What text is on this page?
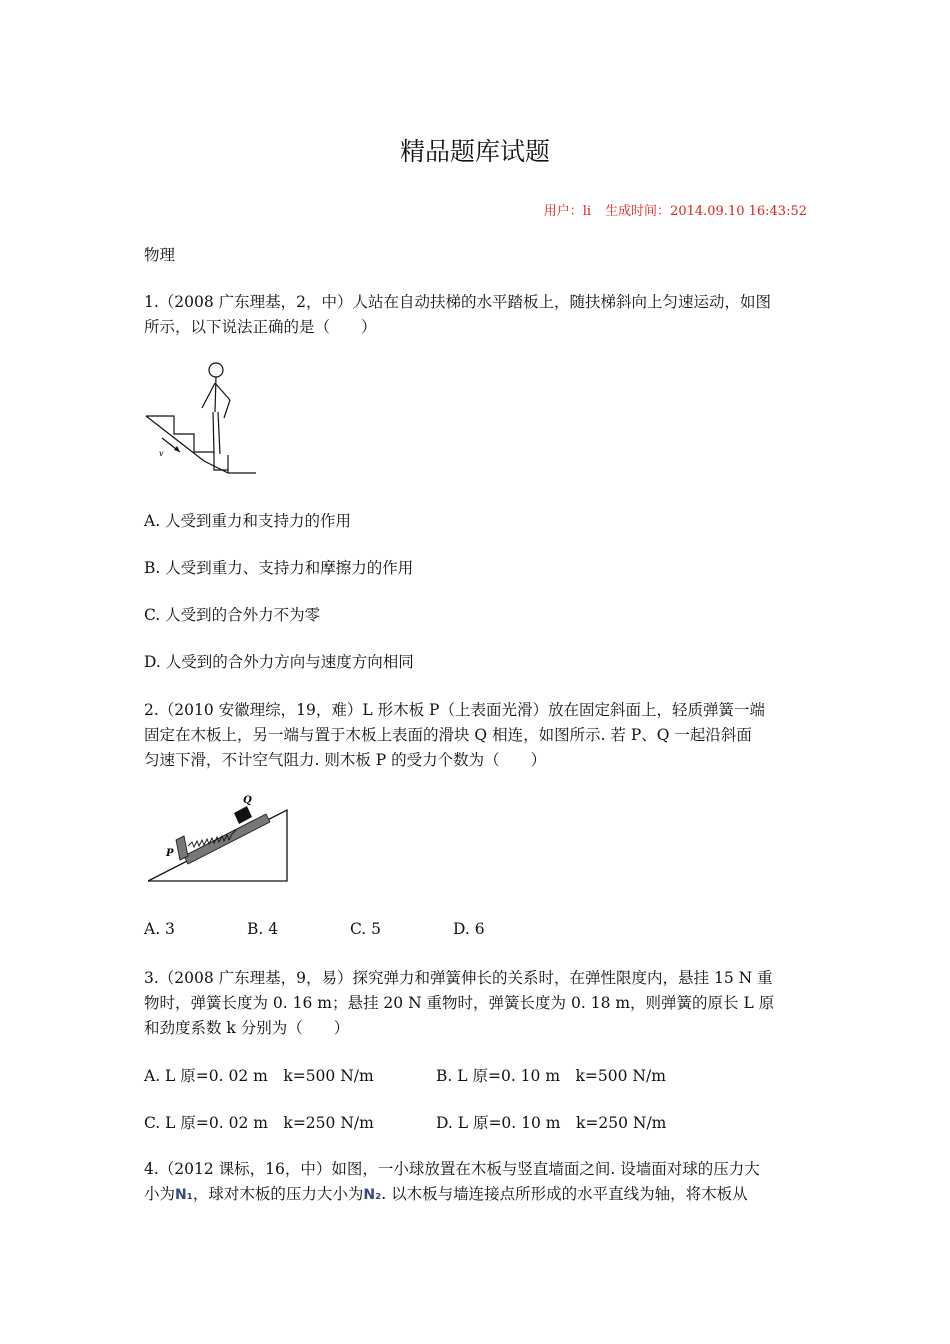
精品题库试题
用户：li 生成时间：2014.09.10 16:43:52
物理
1.（2008 广东理基，2，中）人站在自动扶梯的水平踏板上，随扶梯斜向上匀速运动，如图
所示，以下说法正确的是（　　）
v
A. 人受到重力和支持力的作用
B. 人受到重力、支持力和摩擦力的作用
C. 人受到的合外力不为零
D. 人受到的合外力方向与速度方向相同
2.（2010 安徽理综，19，难）L 形木板 P（上表面光滑）放在固定斜面上，轻质弹簧一端
固定在木板上，另一端与置于木板上表面的滑块 Q 相连，如图所示. 若 P、Q 一起沿斜面
匀速下滑，不计空气阻力. 则木板 P 的受力个数为（　　）
P
Q
A. 3	B. 4	C. 5	D. 6
3.（2008 广东理基，9，易）探究弹力和弹簧伸长的关系时，在弹性限度内，悬挂 15 N 重
物时，弹簧长度为 0. 16 m；悬挂 20 N 重物时，弹簧长度为 0. 18 m，则弹簧的原长 L 原
和劲度系数 k 分别为（　　）
A. L 原=0. 02 m　k=500 N/m	B. L 原=0. 10 m　k=500 N/m
C. L 原=0. 02 m　k=250 N/m	D. L 原=0. 10 m　k=250 N/m
4.（2012 课标，16，中）如图，一小球放置在木板与竖直墙面之间. 设墙面对球的压力大
小为N₁，球对木板的压力大小为N₂. 以木板与墙连接点所形成的水平直线为轴，将木板从
